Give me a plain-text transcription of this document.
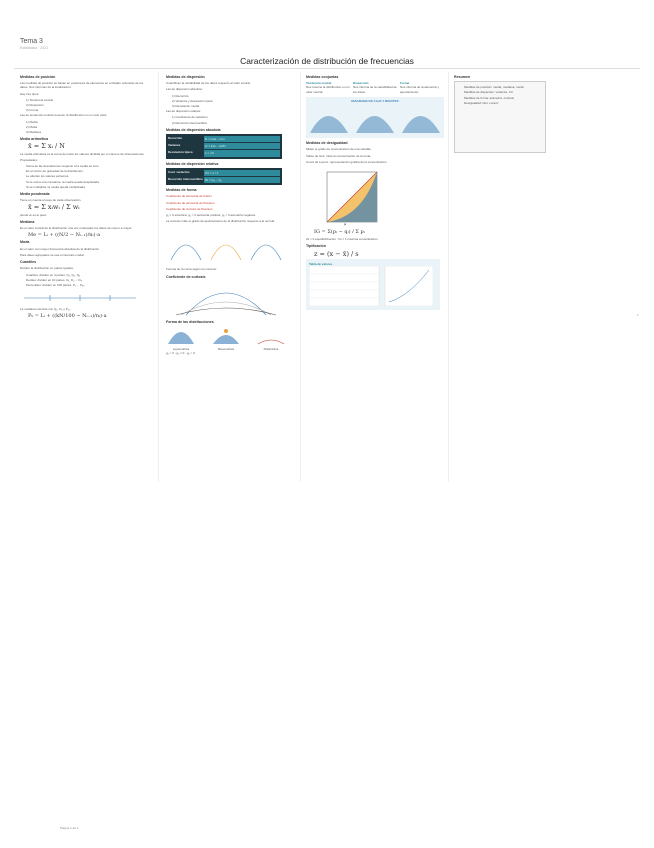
Tema 3
Estadística · 2021
Caracterización de distribución de frecuencias
Medidas de posición
Las medidas de posición se basan en posiciones de elementos en el listado ordenado de los datos. Nos informan de la localización.
Hay tres tipos:
1) Tendencia central
2) Dispersión
3) Forma
Las de tendencia central resumen la distribución en un solo valor:
1) Media
2) Moda
3) Mediana
Media aritmética
x̄ = Σ xᵢ / N
La media aritmética es la suma de todos los valores dividida por el número de observaciones.
Propiedades:
Suma de las desviaciones respecto a la media es cero.
Es el centro de gravedad de la distribución.
Le afectan los valores extremos.
Si se suma una constante, la media queda desplazada.
Si se multiplica, la media queda multiplicada.
Media ponderada
Tiene en cuenta el peso de cada observación.
x̄ = Σ xᵢwᵢ / Σ wᵢ
donde wᵢ es el peso
Mediana
Es el valor central de la distribución una vez ordenados los datos de menor a mayor.
Me = Lᵢ + ((N/2 − Nᵢ₋₁)/nᵢ)·a
Moda
Es el valor con mayor frecuencia absoluta de la distribución.
Para datos agrupados se usa el intervalo modal.
Cuantiles
Dividen la distribución en partes iguales.
Cuartiles: dividen en 4 partes. Q₁, Q₂, Q₃
Deciles: dividen en 10 partes. D₁, D₂ ... D₉
Percentiles: dividen en 100 partes. P₁ ... P₉₉
La mediana coincide con Q₂, D₅ y P₅₀.
Pₖ = Lᵢ + ((kN/100 − Nᵢ₋₁)/nᵢ)·a
Medidas de dispersión
Cuantifican la variabilidad de los datos respecto al valor central.
Las de dispersión absoluta:
1) Recorrido
2) Varianza y desviación típica
3) Desviación media
Las de dispersión relativa:
1) Coeficiente de variación
2) Recorrido intercuartílico
Medidas de dispersión absoluta
Recorrido	R = máx − mín
Varianza	s² = Σ(xᵢ − x̄)²/N
Desviación típica	s = √s²
Medidas de dispersión relativa
Coef. variación	CV = s / x̄
Recorrido intercuartílico RI = Q₃ − Q₁
Medidas de forma
Coeficiente de asimetría de Fisher
Coeficiente de asimetría de Pearson
Coeficiente de curtosis de Pearson
g₁ = 0 simétrica; g₁ > 0 asimetría positiva; g₁ < 0 asimetría negativa.
La curtosis mide el grado de apuntamiento de la distribución respecto a la normal.
Formas de la curva según su curtosis:
Coeficiente de curtosis
Forma de las distribuciones
Leptocúrtica	Mesocúrtica	Platicúrtica
g₂ > 0 ; g₂ = 0 ; g₂ < 0
Medidas conjuntas
Tendencia central
Nos resume la distribución en un valor central.
Dispersión
Nos informa de la variabilidad de los datos.
Forma
Nos informa de la asimetría y apuntamiento.
DIAGRAMA DE CAJA Y BIGOTES
Medidas de desigualdad
Miden el grado de concentración de una variable.
Índice de Gini: mide la concentración de la renta.
Curva de Lorenz: representación gráfica de la concentración.
pᵢ
IG = Σ(pᵢ − qᵢ) / Σ pᵢ
IG = 0 equidistribución ; IG = 1 máxima concentración
Tipificación
z = (x − x̄) / s
Tabla de valores
Resumen
Medidas de posición: media, mediana, moda
Medidas de dispersión: varianza, CV
Medidas de forma: asimetría, curtosis
Desigualdad: Gini, Lorenz
•
Página 1 de 1
